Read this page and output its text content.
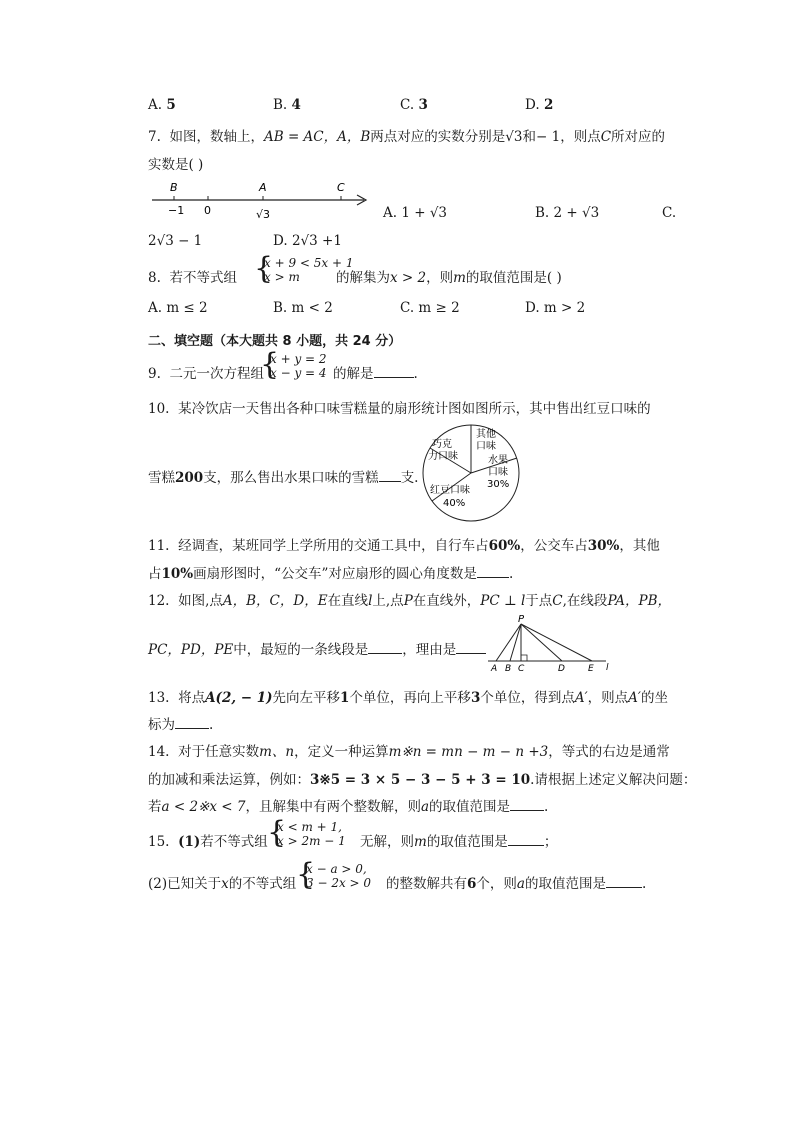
A. 5	B. 4	C. 3	D. 2
7. 如图，数轴上，AB = AC，A，B两点对应的实数分别是√3和− 1，则点C所对应的
实数是( )
B	A	C
−1 0	√3	A. 1 + √3	B. 2 + √3	C.
2√3 − 1	D. 2√3 +1
8. 若不等式组 {
x + 9 < 5x + 1
x > m	的解集为x > 2，则m的取值范围是( )
A. m ≤ 2	B. m < 2	C. m ≥ 2	D. m > 2
二、填空题（本大题共 8 小题，共 24 分）
9. 二元一次方程组
{
x + y = 2
x − y = 4 的解是	.
10. 某冷饮店一天售出各种口味雪糕量的扇形统计图如图所示，其中售出红豆口味的
雪糕200支，那么售出水果口味的雪糕 支.
巧克
力口味
其他
口味
水果
口味
30%
红豆口味
40%
11. 经调查，某班同学上学所用的交通工具中，自行车占60%，公交车占30%，其他
占10%画扇形图时，“公交车”对应扇形的圆心角度数是 .
12. 如图,点A，B，C，D，E在直线l上,点P在直线外，PC ⊥ l于点C,在线段PA，PB，
PC，PD，PE中，最短的一条线段是	，理由是
P
A B C	D	E l
13. 将点A(2, − 1)先向左平移1个单位，再向上平移3个单位，得到点A′，则点A′的坐
标为	.
14. 对于任意实数m、n，定义一种运算m※n = mn − m − n +3，等式的右边是通常
的加减和乘法运算，例如：3※5 = 3 × 5 − 3 − 5 + 3 = 10.请根据上述定义解决问题：
若a < 2※x < 7，且解集中有两个整数解，则a的取值范围是	.
15. (1)若不等式组 {
x < m + 1,
x > 2m − 1 无解，则m的取值范围是	；
(2)已知关于x的不等式组 {
x − a > 0,
3 − 2x > 0 的整数解共有6个，则a的取值范围是	.
